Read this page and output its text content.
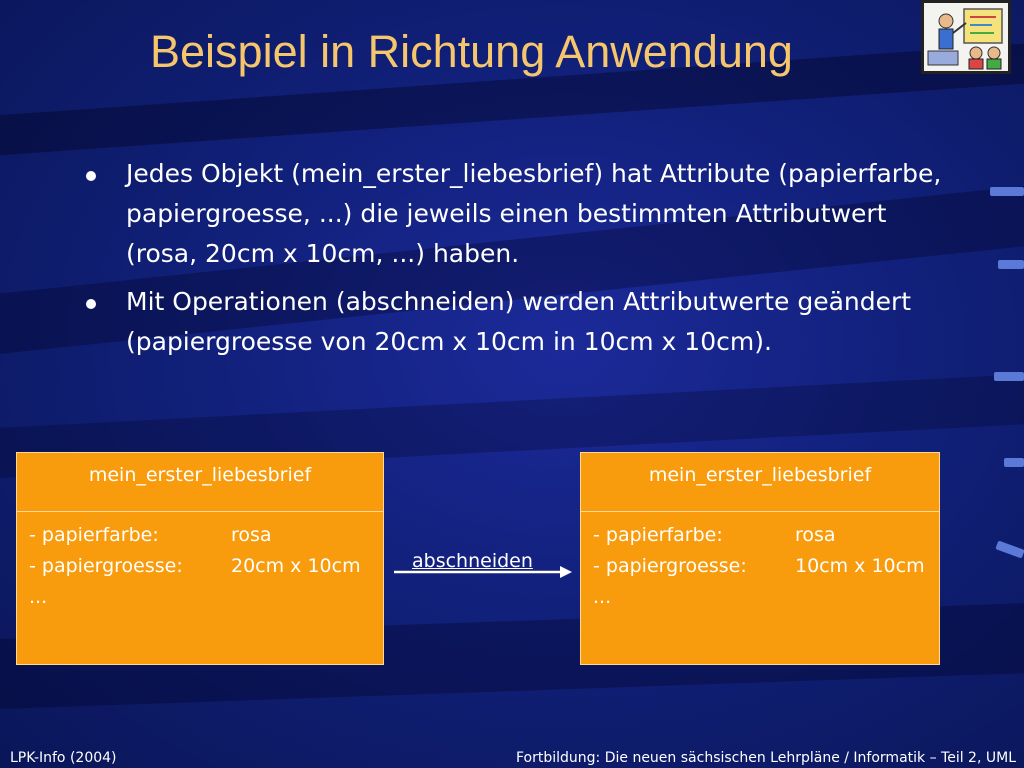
Beispiel in Richtung Anwendung
Jedes Objekt (mein_erster_liebesbrief) hat Attribute (papierfarbe, papiergroesse, ...) die jeweils einen bestimmten Attributwert (rosa, 20cm x 10cm, ...) haben.
Mit Operationen (abschneiden) werden Attributwerte geändert (papiergroesse von 20cm x 10cm in 10cm x 10cm).
mein_erster_liebesbrief
- papierfarbe:	rosa
- papiergroesse:	20cm x 10cm
...
abschneiden
mein_erster_liebesbrief
- papierfarbe:	rosa
- papiergroesse:	10cm x 10cm
...
LPK-Info (2004)	Fortbildung: Die neuen sächsischen Lehrpläne / Informatik – Teil 2, UML
